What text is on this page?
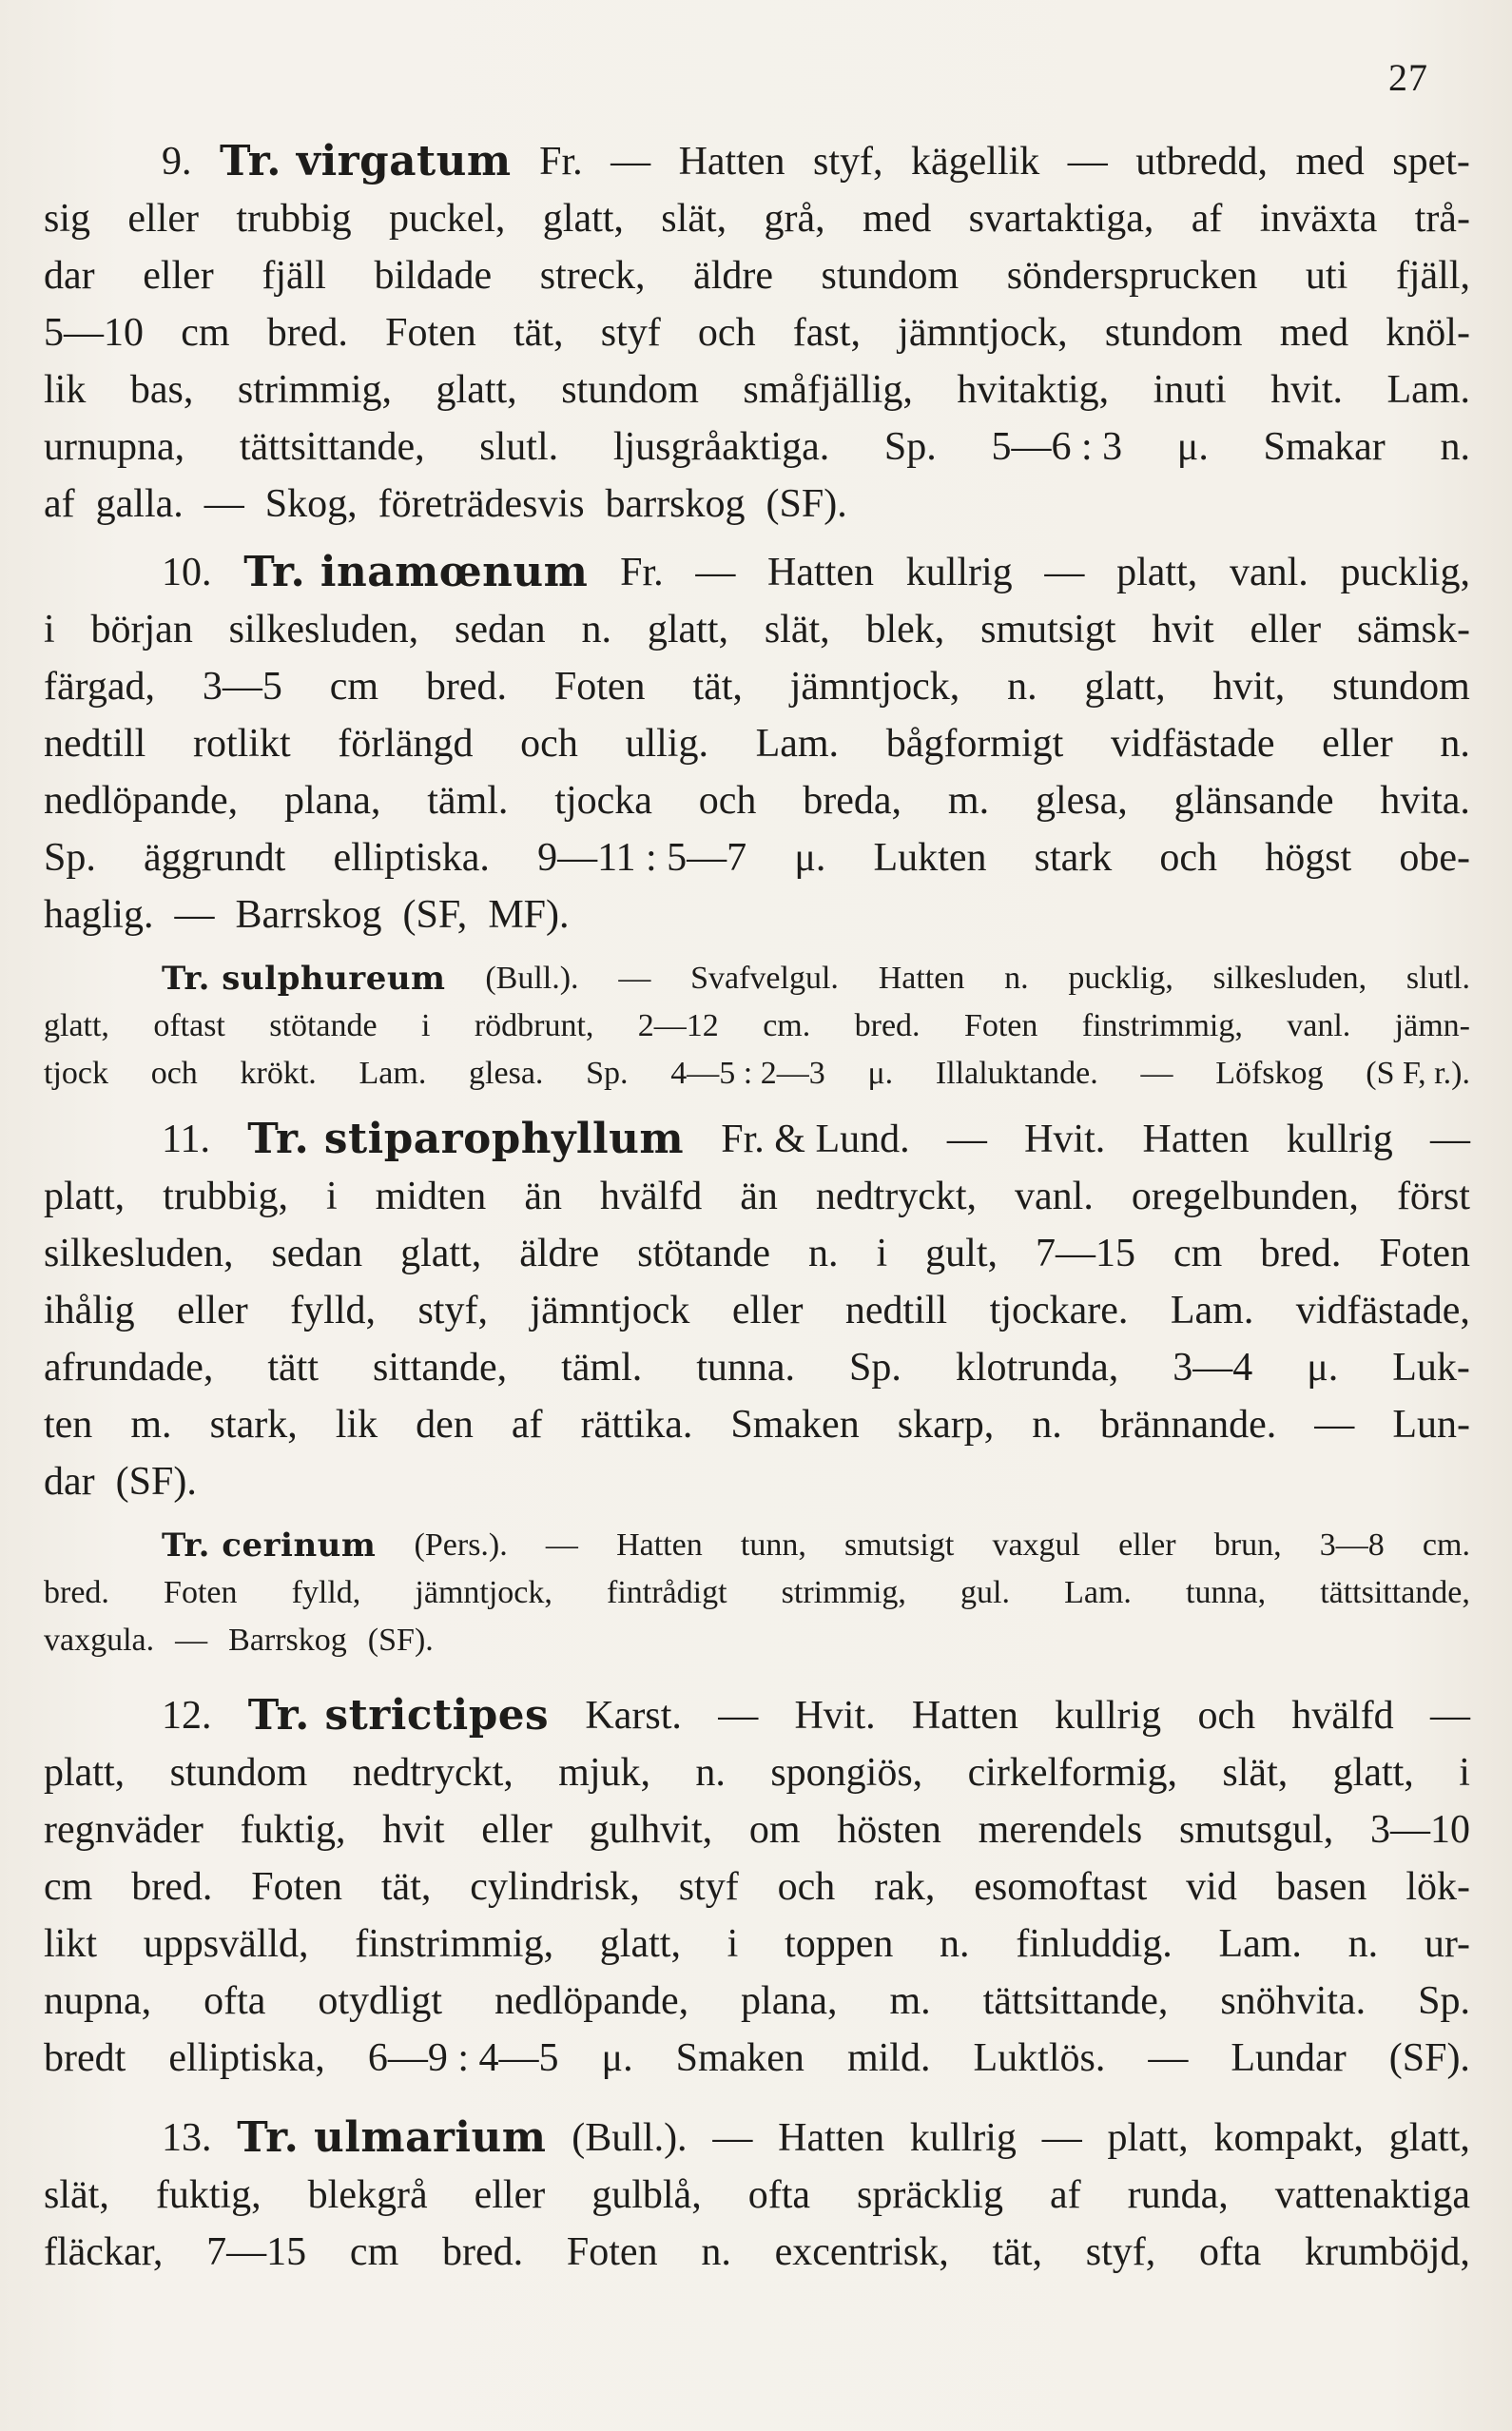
27
9. Tr. virgatum Fr. — Hatten styf, kägellik — utbredd, med spet-
sig eller trubbig puckel, glatt, slät, grå, med svartaktiga, af inväxta trå-
dar eller fjäll bildade streck, äldre stundom söndersprucken uti fjäll,
5—10 cm bred. Foten tät, styf och fast, jämntjock, stundom med knöl-
lik bas, strimmig, glatt, stundom småfjällig, hvitaktig, inuti hvit. Lam.
urnupna, tättsittande, slutl. ljusgråaktiga. Sp. 5—6 : 3 μ. Smakar n.
af galla. — Skog, företrädesvis barrskog (SF).
10. Tr. inamœnum Fr. — Hatten kullrig — platt, vanl. pucklig,
i början silkesluden, sedan n. glatt, slät, blek, smutsigt hvit eller sämsk-
färgad, 3—5 cm bred. Foten tät, jämntjock, n. glatt, hvit, stundom
nedtill rotlikt förlängd och ullig. Lam. bågformigt vidfästade eller n.
nedlöpande, plana, täml. tjocka och breda, m. glesa, glänsande hvita.
Sp. äggrundt elliptiska. 9—11 : 5—7 μ. Lukten stark och högst obe-
haglig. — Barrskog (SF, MF).
Tr. sulphureum (Bull.). — Svafvelgul. Hatten n. pucklig, silkesluden, slutl.
glatt, oftast stötande i rödbrunt, 2—12 cm. bred. Foten finstrimmig, vanl. jämn-
tjock och krökt. Lam. glesa. Sp. 4—5 : 2—3 μ. Illaluktande. — Löfskog (S F, r.).
11. Tr. stiparophyllum Fr. & Lund. — Hvit. Hatten kullrig —
platt, trubbig, i midten än hvälfd än nedtryckt, vanl. oregelbunden, först
silkesluden, sedan glatt, äldre stötande n. i gult, 7—15 cm bred. Foten
ihålig eller fylld, styf, jämntjock eller nedtill tjockare. Lam. vidfästade,
afrundade, tätt sittande, täml. tunna. Sp. klotrunda, 3—4 μ. Luk-
ten m. stark, lik den af rättika. Smaken skarp, n. brännande. — Lun-
dar (SF).
Tr. cerinum (Pers.). — Hatten tunn, smutsigt vaxgul eller brun, 3—8 cm.
bred. Foten fylld, jämntjock, fintrådigt strimmig, gul. Lam. tunna, tättsittande,
vaxgula. — Barrskog (SF).
12. Tr. strictipes Karst. — Hvit. Hatten kullrig och hvälfd —
platt, stundom nedtryckt, mjuk, n. spongiös, cirkelformig, slät, glatt, i
regnväder fuktig, hvit eller gulhvit, om hösten merendels smutsgul, 3—10
cm bred. Foten tät, cylindrisk, styf och rak, esomoftast vid basen lök-
likt uppsvälld, finstrimmig, glatt, i toppen n. finluddig. Lam. n. ur-
nupna, ofta otydligt nedlöpande, plana, m. tättsittande, snöhvita. Sp.
bredt elliptiska, 6—9 : 4—5 μ. Smaken mild. Luktlös. — Lundar (SF).
13. Tr. ulmarium (Bull.). — Hatten kullrig — platt, kompakt, glatt,
slät, fuktig, blekgrå eller gulblå, ofta spräcklig af runda, vattenaktiga
fläckar, 7—15 cm bred. Foten n. excentrisk, tät, styf, ofta krumböjd,
